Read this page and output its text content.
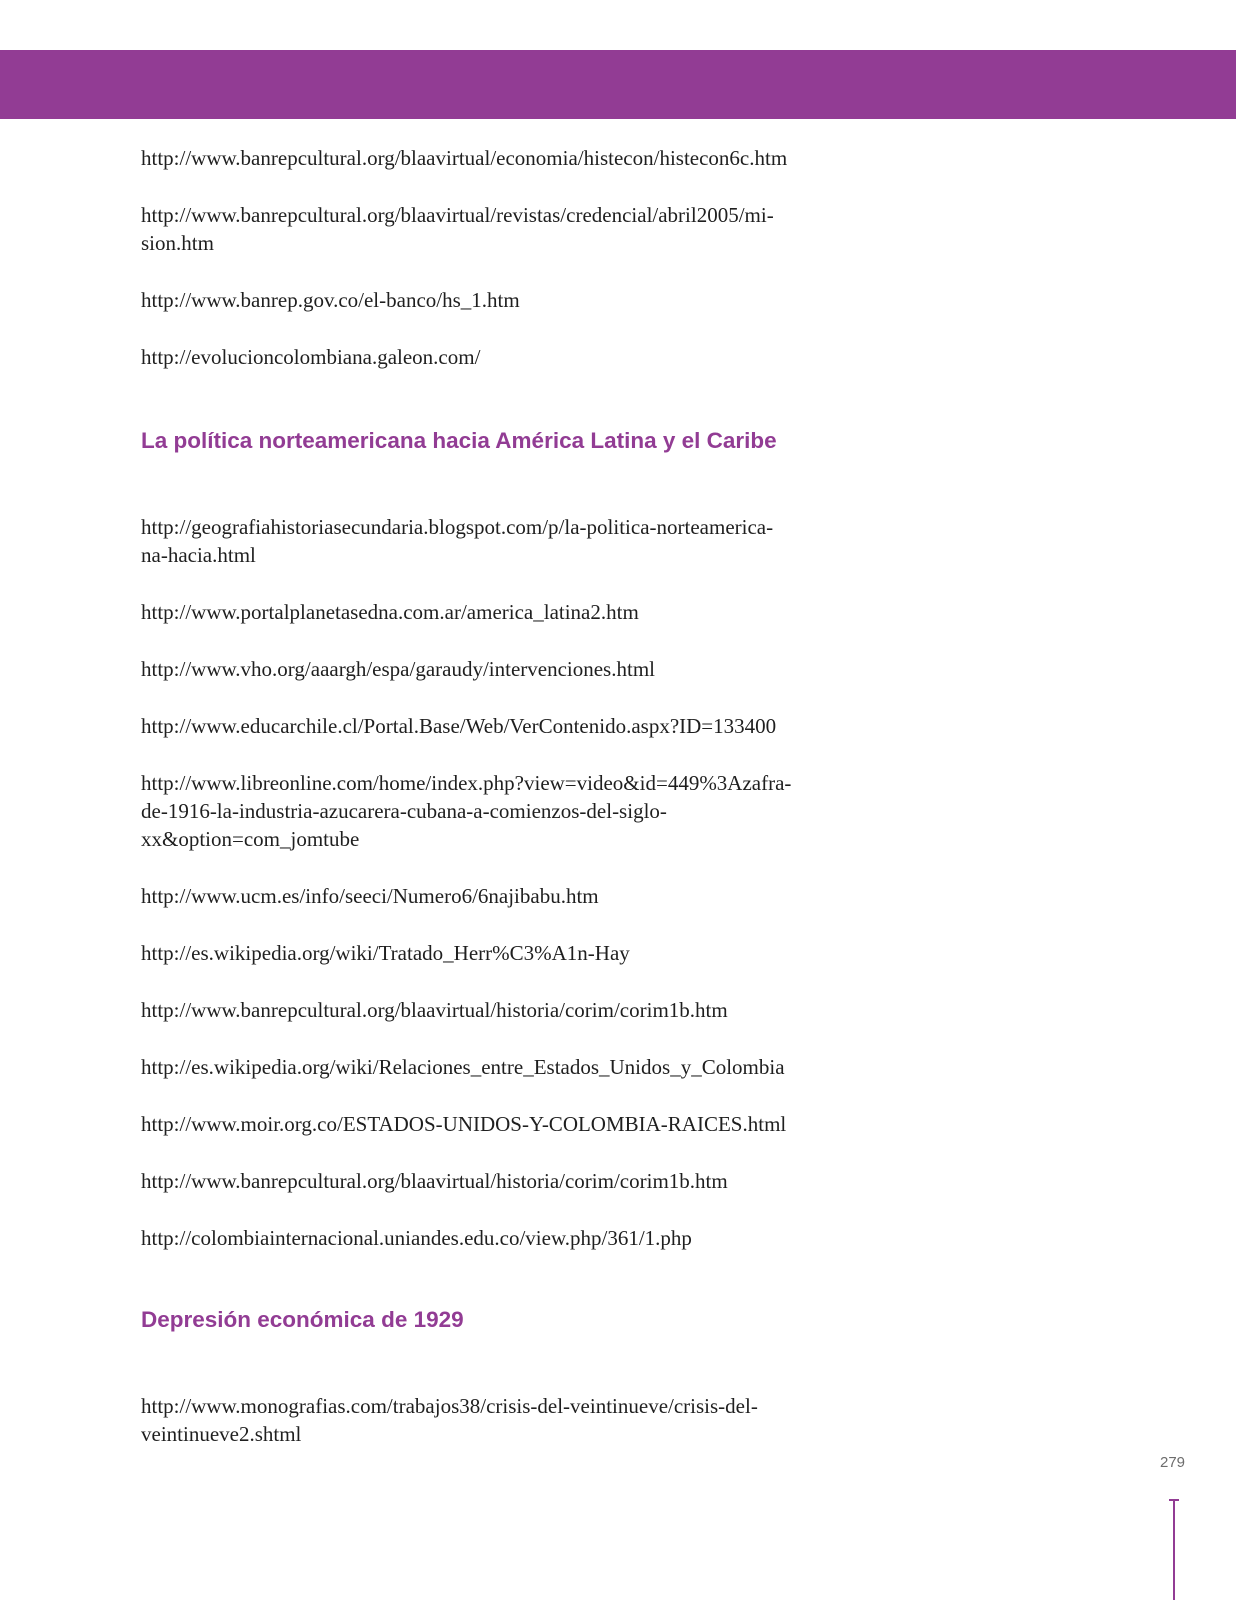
http://www.banrepcultural.org/blaavirtual/economia/histecon/histecon6c.htm

http://www.banrepcultural.org/blaavirtual/revistas/credencial/abril2005/mi-
sion.htm

http://www.banrep.gov.co/el-banco/hs_1.htm

http://evolucioncolombiana.galeon.com/

La política norteamericana hacia América Latina y el Caribe

http://geografiahistoriasecundaria.blogspot.com/p/la-politica-norteamerica-
na-hacia.html

http://www.portalplanetasedna.com.ar/america_latina2.htm

http://www.vho.org/aaargh/espa/garaudy/intervenciones.html

http://www.educarchile.cl/Portal.Base/Web/VerContenido.aspx?ID=133400

http://www.libreonline.com/home/index.php?view=video&id=449%3Azafra-
de-1916-la-industria-azucarera-cubana-a-comienzos-del-siglo-
xx&option=com_jomtube

http://www.ucm.es/info/seeci/Numero6/6najibabu.htm

http://es.wikipedia.org/wiki/Tratado_Herr%C3%A1n-Hay

http://www.banrepcultural.org/blaavirtual/historia/corim/corim1b.htm

http://es.wikipedia.org/wiki/Relaciones_entre_Estados_Unidos_y_Colombia

http://www.moir.org.co/ESTADOS-UNIDOS-Y-COLOMBIA-RAICES.html

http://www.banrepcultural.org/blaavirtual/historia/corim/corim1b.htm

http://colombiainternacional.uniandes.edu.co/view.php/361/1.php

Depresión económica de 1929

http://www.monografias.com/trabajos38/crisis-del-veintinueve/crisis-del-
veintinueve2.shtml

279
